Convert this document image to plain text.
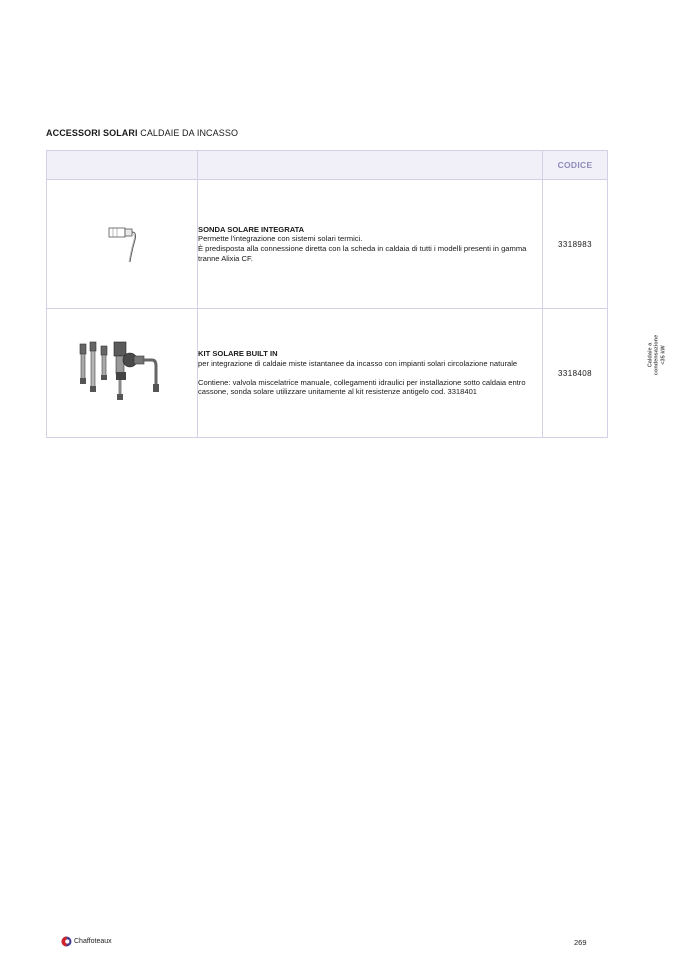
ACCESSORI SOLARI CALDAIE DA INCASSO
		CODICE

SONDA SOLARE INTEGRATA
Permette l'integrazione con sistemi solari termici.
È predisposta alla connessione diretta con la scheda in caldaia di tutti i modelli presenti in gamma tranne Alixia CF.	3318983

KIT SOLARE BUILT IN
per integrazione di caldaie miste istantanee da incasso con impianti solari circolazione naturale
Contiene: valvola miscelatrice manuale, collegamenti idraulici per installazione sotto caldaia entro cassone, sonda solare utilizzare unitamente al kit resistenze antigelo cod. 3318401	3318408
Caldaie a condensazione <35 kW
Chaffoteaux	269
